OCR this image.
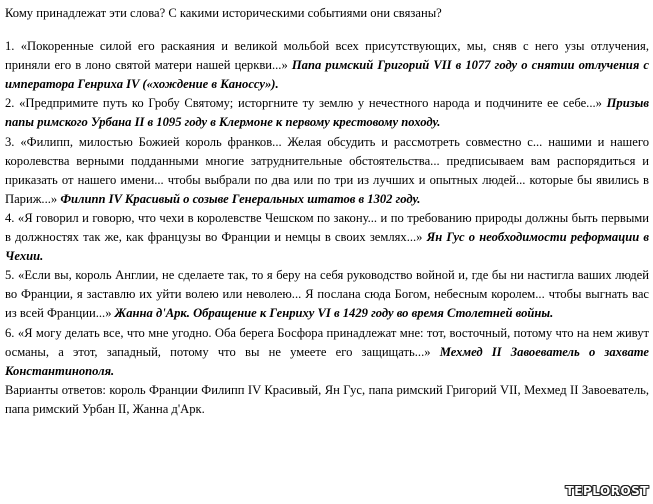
Кому принадлежат эти слова? С какими историческими событиями они связаны?

1. «Покоренные силой его раскаяния и великой мольбой всех присутствующих, мы, сняв с него узы отлучения, приняли его в лоно святой матери нашей церкви...» Папа римский Григорий VII в 1077 году о снятии отлучения с императора Генриха IV («хождение в Каноссу»).

2. «Предпримите путь ко Гробу Святому; исторгните ту землю у нечестного народа и подчините ее себе...» Призыв папы римского Урбана II в 1095 году в Клермоне к первому крестовому походу.

3. «Филипп, милостью Божией король франков... Желая обсудить и рассмотреть совместно с... нашими и нашего королевства верными подданными многие затруднительные обстоятельства... предписываем вам распорядиться и приказать от нашего имени... чтобы выбрали по два или по три из лучших и опытных людей... которые бы явились в Париж...» Филипп IV Красивый о созыве Генеральных штатов в 1302 году.

4. «Я говорил и говорю, что чехи в королевстве Чешском по закону... и по требованию природы должны быть первыми в должностях так же, как французы во Франции и немцы в своих землях...» Ян Гус о необходимости реформации в Чехии.

5. «Если вы, король Англии, не сделаете так, то я беру на себя руководство войной и, где бы ни настигла ваших людей во Франции, я заставлю их уйти волею или неволею... Я послана сюда Богом, небесным королем... чтобы выгнать вас из всей Франции...» Жанна д'Арк. Обращение к Генриху VI в 1429 году во время Столетней войны.

6. «Я могу делать все, что мне угодно. Оба берега Босфора принадлежат мне: тот, восточный, потому что на нем живут османы, а этот, западный, потому что вы не умеете его защищать...» Мехмед II Завоеватель о захвате Константинополя.

Варианты ответов: король Франции Филипп IV Красивый, Ян Гус, папа римский Григорий VII, Мехмед II Завоеватель, папа римский Урбан II, Жанна д'Арк.

TEPLOROST
